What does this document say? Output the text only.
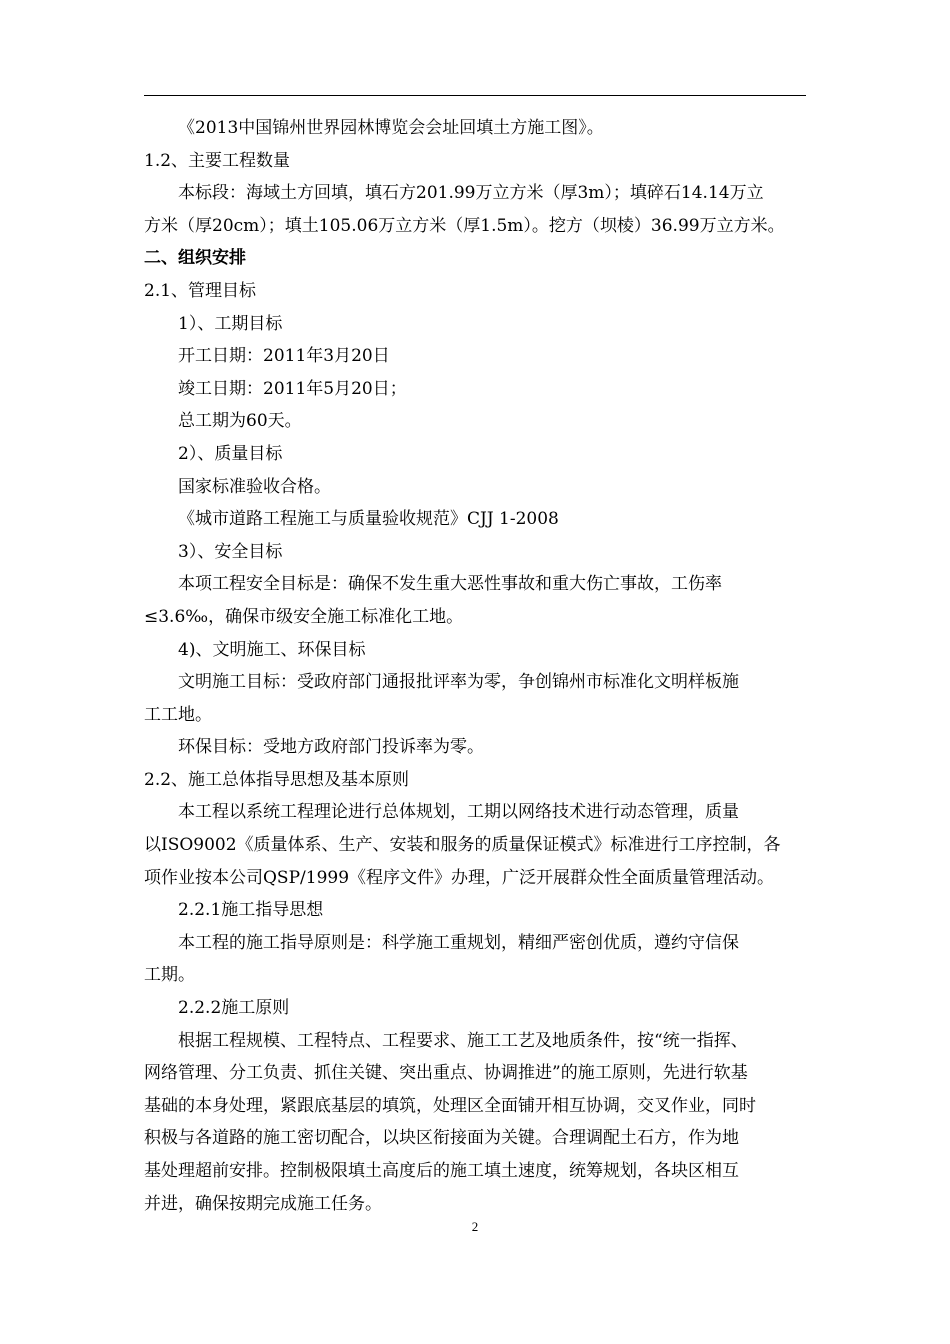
《2013中国锦州世界园林博览会会址回填土方施工图》。
1.2、主要工程数量
本标段：海域土方回填，填石方201.99万立方米（厚3m）；填碎石14.14万立
方米（厚20cm）；填土105.06万立方米（厚1.5m）。挖方（坝棱）36.99万立方米。
二、组织安排
2.1、管理目标
1）、工期目标
开工日期：2011年3月20日
竣工日期：2011年5月20日；
总工期为60天。
2）、质量目标
国家标准验收合格。
《城市道路工程施工与质量验收规范》CJJ 1-2008
3）、安全目标
本项工程安全目标是：确保不发生重大恶性事故和重大伤亡事故，工伤率
≤3.6‰，确保市级安全施工标准化工地。
4)、文明施工、环保目标
文明施工目标：受政府部门通报批评率为零，争创锦州市标准化文明样板施
工工地。
环保目标：受地方政府部门投诉率为零。
2.2、施工总体指导思想及基本原则
本工程以系统工程理论进行总体规划，工期以网络技术进行动态管理，质量
以ISO9002《质量体系、生产、安装和服务的质量保证模式》标准进行工序控制，各
项作业按本公司QSP/1999《程序文件》办理，广泛开展群众性全面质量管理活动。
2.2.1施工指导思想
本工程的施工指导原则是：科学施工重规划，精细严密创优质，遵约守信保
工期。
2.2.2施工原则
根据工程规模、工程特点、工程要求、施工工艺及地质条件，按“统一指挥、
网络管理、分工负责、抓住关键、突出重点、协调推进”的施工原则，先进行软基
基础的本身处理，紧跟底基层的填筑，处理区全面铺开相互协调，交叉作业，同时
积极与各道路的施工密切配合，以块区衔接面为关键。合理调配土石方，作为地
基处理超前安排。控制极限填土高度后的施工填土速度，统筹规划，各块区相互
并进，确保按期完成施工任务。
2
